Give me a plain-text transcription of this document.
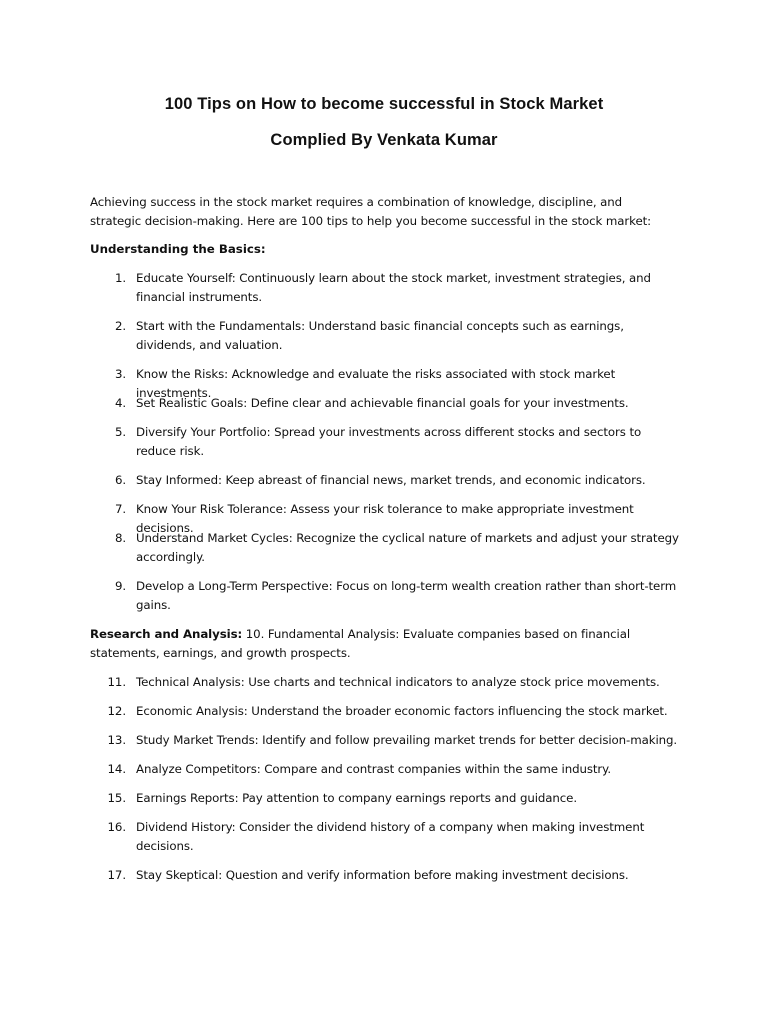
100 Tips on How to become successful in Stock Market
Complied By Venkata Kumar
Achieving success in the stock market requires a combination of knowledge, discipline, and strategic decision-making. Here are 100 tips to help you become successful in the stock market:
Understanding the Basics:
1. Educate Yourself: Continuously learn about the stock market, investment strategies, and financial instruments.
2. Start with the Fundamentals: Understand basic financial concepts such as earnings, dividends, and valuation.
3. Know the Risks: Acknowledge and evaluate the risks associated with stock market investments.
4. Set Realistic Goals: Define clear and achievable financial goals for your investments.
5. Diversify Your Portfolio: Spread your investments across different stocks and sectors to reduce risk.
6. Stay Informed: Keep abreast of financial news, market trends, and economic indicators.
7. Know Your Risk Tolerance: Assess your risk tolerance to make appropriate investment decisions.
8. Understand Market Cycles: Recognize the cyclical nature of markets and adjust your strategy accordingly.
9. Develop a Long-Term Perspective: Focus on long-term wealth creation rather than short-term gains.
Research and Analysis: 10. Fundamental Analysis: Evaluate companies based on financial statements, earnings, and growth prospects.
11. Technical Analysis: Use charts and technical indicators to analyze stock price movements.
12. Economic Analysis: Understand the broader economic factors influencing the stock market.
13. Study Market Trends: Identify and follow prevailing market trends for better decision-making.
14. Analyze Competitors: Compare and contrast companies within the same industry.
15. Earnings Reports: Pay attention to company earnings reports and guidance.
16. Dividend History: Consider the dividend history of a company when making investment decisions.
17. Stay Skeptical: Question and verify information before making investment decisions.
